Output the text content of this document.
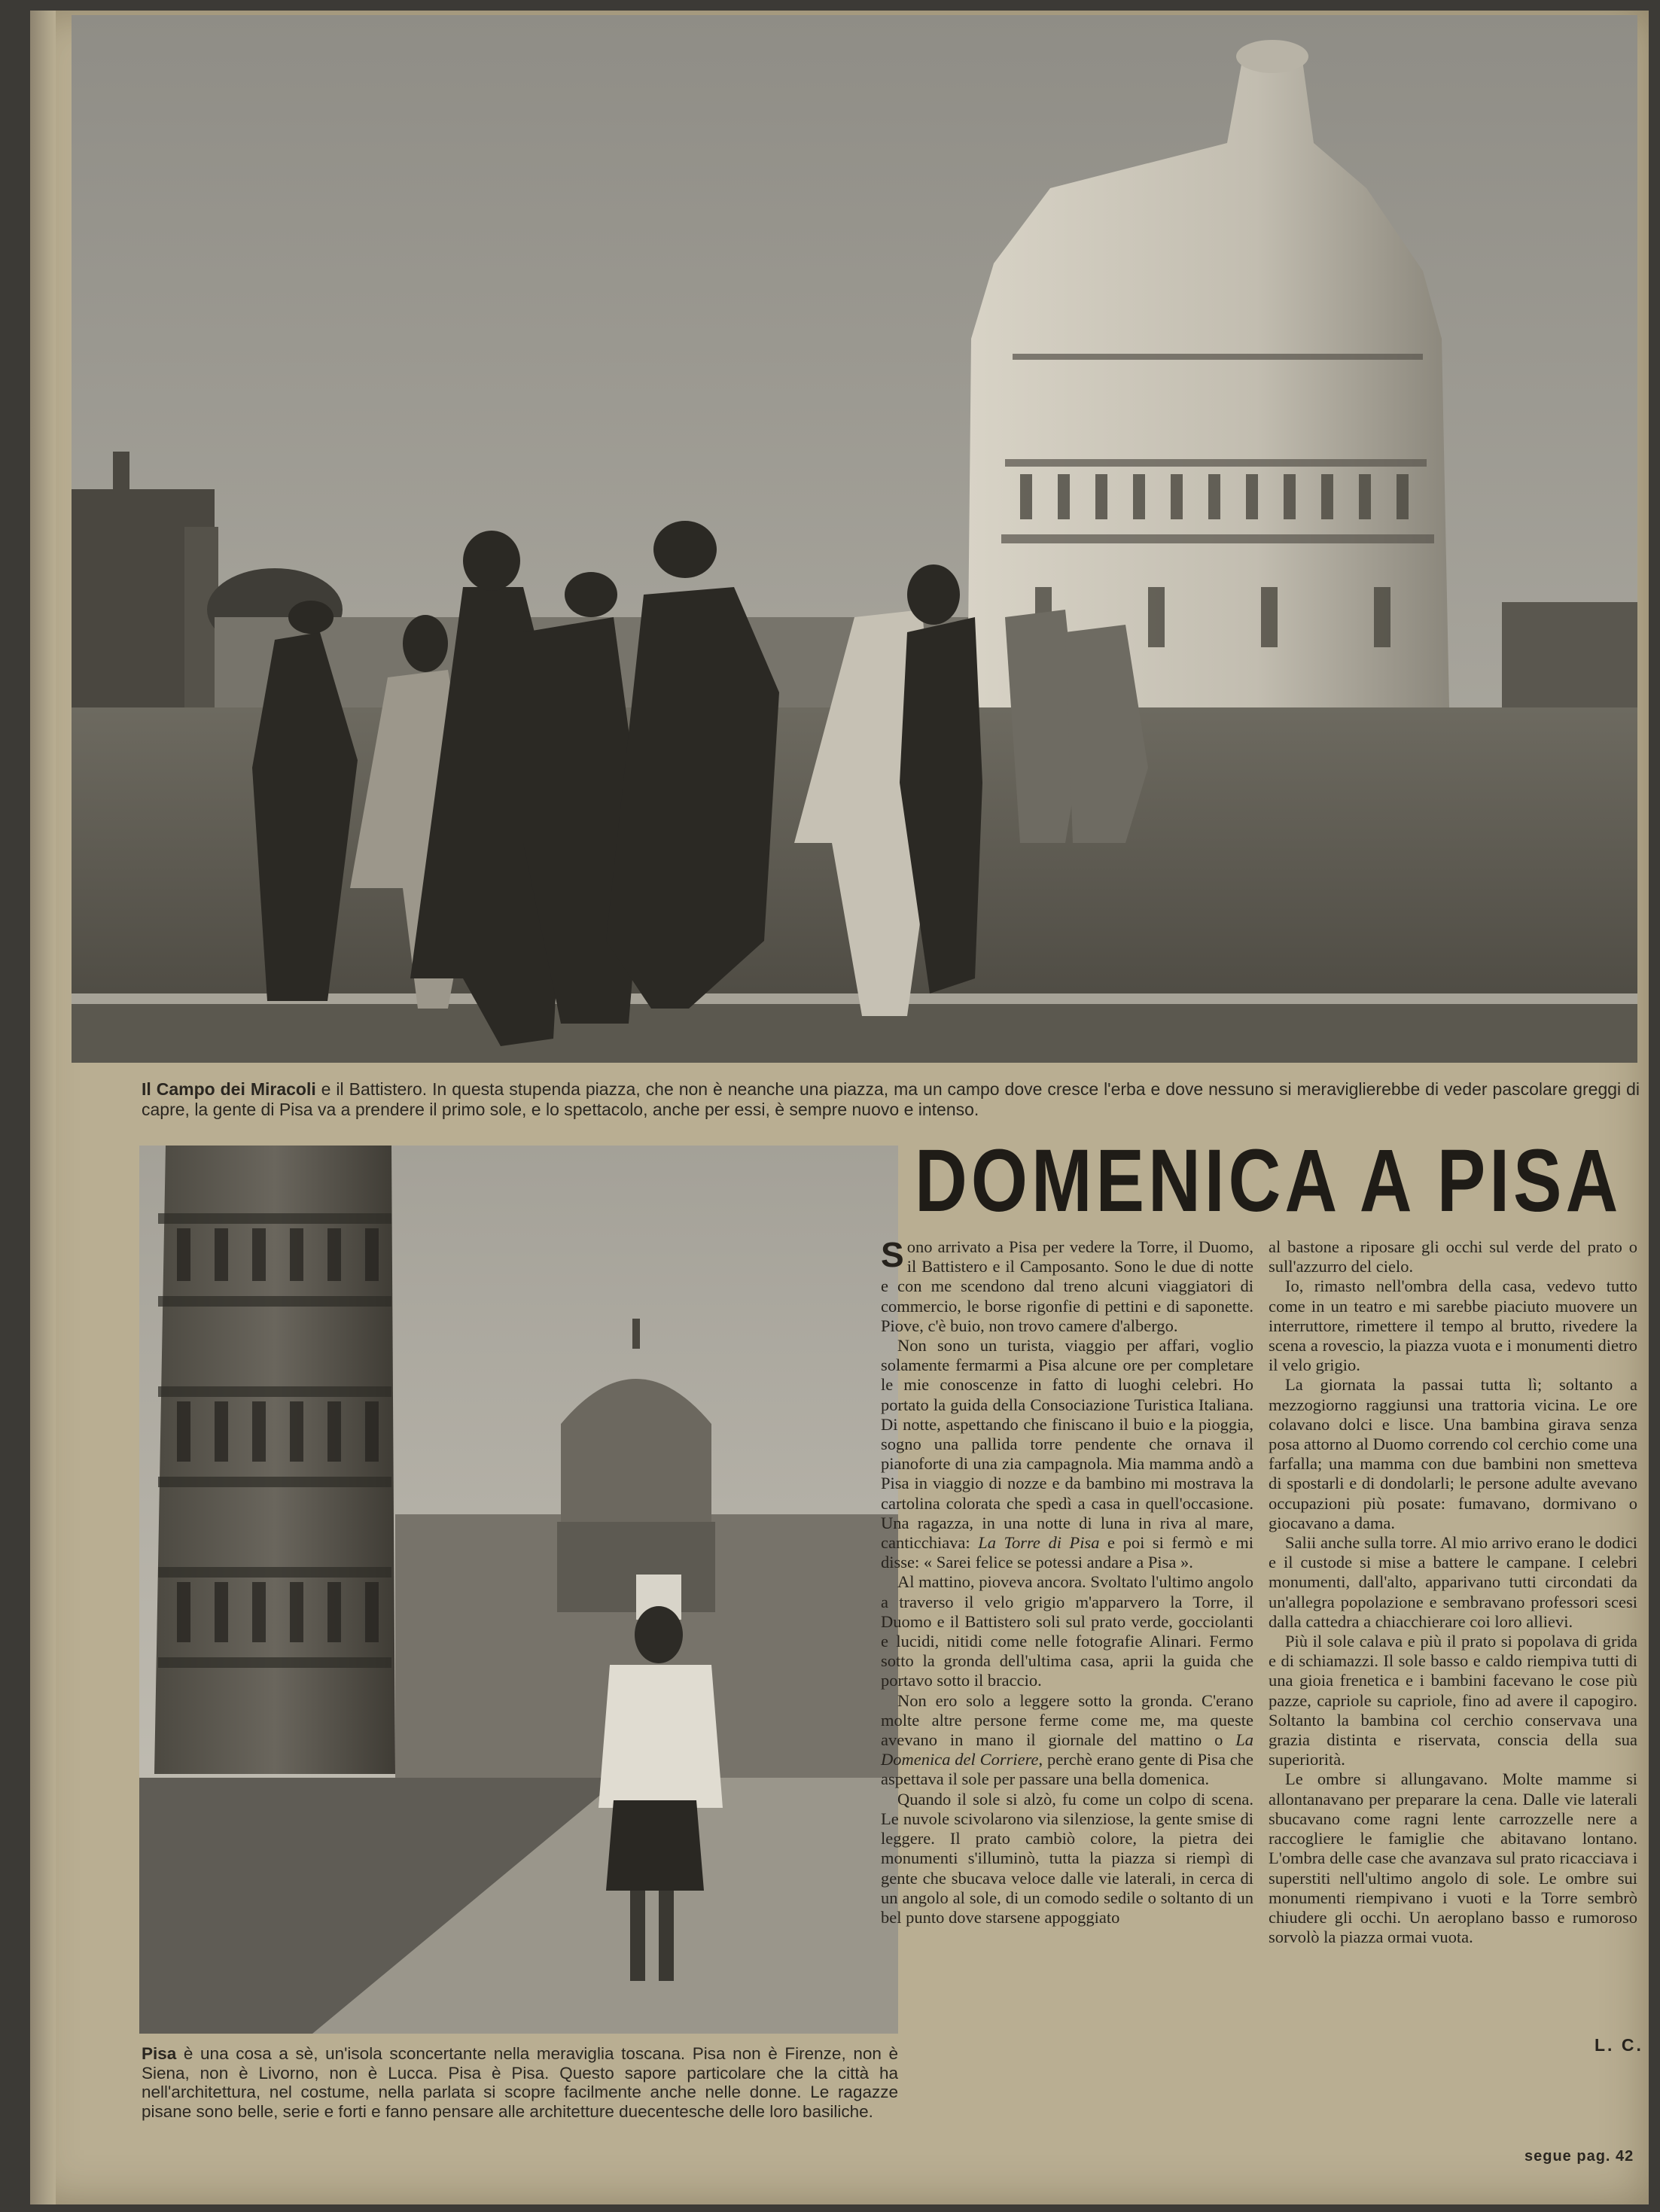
Il Campo dei Miracoli e il Battistero. In questa stupenda piazza, che non è neanche una piazza, ma un campo dove cresce l'erba e dove nessuno si meraviglierebbe di veder pascolare greggi di capre, la gente di Pisa va a prendere il primo sole, e lo spettacolo, anche per essi, è sempre nuovo e intenso.
Pisa è una cosa a sè, un'isola sconcertante nella meraviglia toscana. Pisa non è Firenze, non è Siena, non è Livorno, non è Lucca. Pisa è Pisa. Questo sapore particolare che la città ha nell'architettura, nel costume, nella parlata si scopre facilmente anche nelle donne. Le ragazze pisane sono belle, serie e forti e fanno pensare alle architetture duecentesche delle loro basiliche.
DOMENICA A PISA

Sono arrivato a Pisa per vedere la Torre, il Duomo, il Battistero e il Camposanto. Sono le due di notte e con me scendono dal treno alcuni viaggiatori di commercio, le borse rigonfie di pettini e di saponette. Piove, c'è buio, non trovo camere d'albergo.

Non sono un turista, viaggio per affari, voglio solamente fermarmi a Pisa alcune ore per completare le mie conoscenze in fatto di luoghi celebri. Ho portato la guida della Consociazione Turistica Italiana. Di notte, aspettando che finiscano il buio e la pioggia, sogno una pallida torre pendente che ornava il pianoforte di una zia campagnola. Mia mamma andò a Pisa in viaggio di nozze e da bambino mi mostrava la cartolina colorata che spedì a casa in quell'occasione. Una ragazza, in una notte di luna in riva al mare, canticchiava: La Torre di Pisa e poi si fermò e mi disse: « Sarei felice se potessi andare a Pisa ».

Al mattino, pioveva ancora. Svoltato l'ultimo angolo a traverso il velo grigio m'apparvero la Torre, il Duomo e il Battistero soli sul prato verde, gocciolanti e lucidi, nitidi come nelle fotografie Alinari. Fermo sotto la gronda dell'ultima casa, aprii la guida che portavo sotto il braccio.

Non ero solo a leggere sotto la gronda. C'erano molte altre persone ferme come me, ma queste avevano in mano il giornale del mattino o La Domenica del Corriere, perchè erano gente di Pisa che aspettava il sole per passare una bella domenica.

Quando il sole si alzò, fu come un colpo di scena. Le nuvole scivolarono via silenziose, la gente smise di leggere. Il prato cambiò colore, la pietra dei monumenti s'illuminò, tutta la piazza si riempì di gente che sbucava veloce dalle vie laterali, in cerca di un angolo al sole, di un comodo sedile o soltanto di un bel punto dove starsene appoggiato

al bastone a riposare gli occhi sul verde del prato o sull'azzurro del cielo.

Io, rimasto nell'ombra della casa, vedevo tutto come in un teatro e mi sarebbe piaciuto muovere un interruttore, rimettere il tempo al brutto, rivedere la scena a rovescio, la piazza vuota e i monumenti dietro il velo grigio.

La giornata la passai tutta lì; soltanto a mezzogiorno raggiunsi una trattoria vicina. Le ore colavano dolci e lisce. Una bambina girava senza posa attorno al Duomo correndo col cerchio come una farfalla; una mamma con due bambini non smetteva di spostarli e di dondolarli; le persone adulte avevano occupazioni più posate: fumavano, dormivano o giocavano a dama.

Salii anche sulla torre. Al mio arrivo erano le dodici e il custode si mise a battere le campane. I celebri monumenti, dall'alto, apparivano tutti circondati da un'allegra popolazione e sembravano professori scesi dalla cattedra a chiacchierare coi loro allievi.

Più il sole calava e più il prato si popolava di grida e di schiamazzi. Il sole basso e caldo riempiva tutti di una gioia frenetica e i bambini facevano le cose più pazze, capriole su capriole, fino ad avere il capogiro. Soltanto la bambina col cerchio conservava una grazia distinta e riservata, conscia della sua superiorità.

Le ombre si allungavano. Molte mamme si allontanavano per preparare la cena. Dalle vie laterali sbucavano come ragni lente carrozzelle nere a raccogliere le famiglie che abitavano lontano. L'ombra delle case che avanzava sul prato ricacciava i superstiti nell'ultimo angolo di sole. Le ombre sui monumenti riempivano i vuoti e la Torre sembrò chiudere gli occhi. Un aeroplano basso e rumoroso sorvolò la piazza ormai vuota.

L. C.
segue pag. 42
